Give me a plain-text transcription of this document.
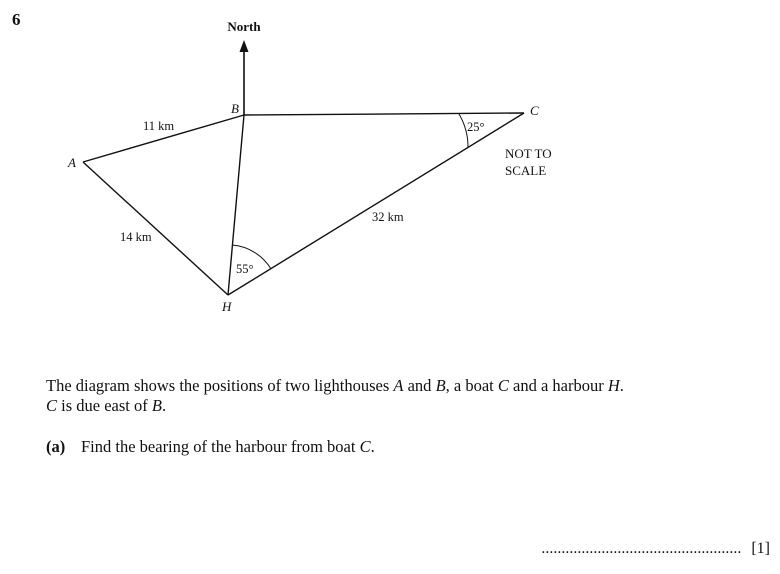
6	North
A
B	C
H
11 km
14 km
32 km
25°
55°
NOT TO
SCALE
The diagram shows the positions of two lighthouses A and B, a boat C and a harbour H.
C is due east of B.
(a) Find the bearing of the harbour from boat C.
.................................................. [1]
